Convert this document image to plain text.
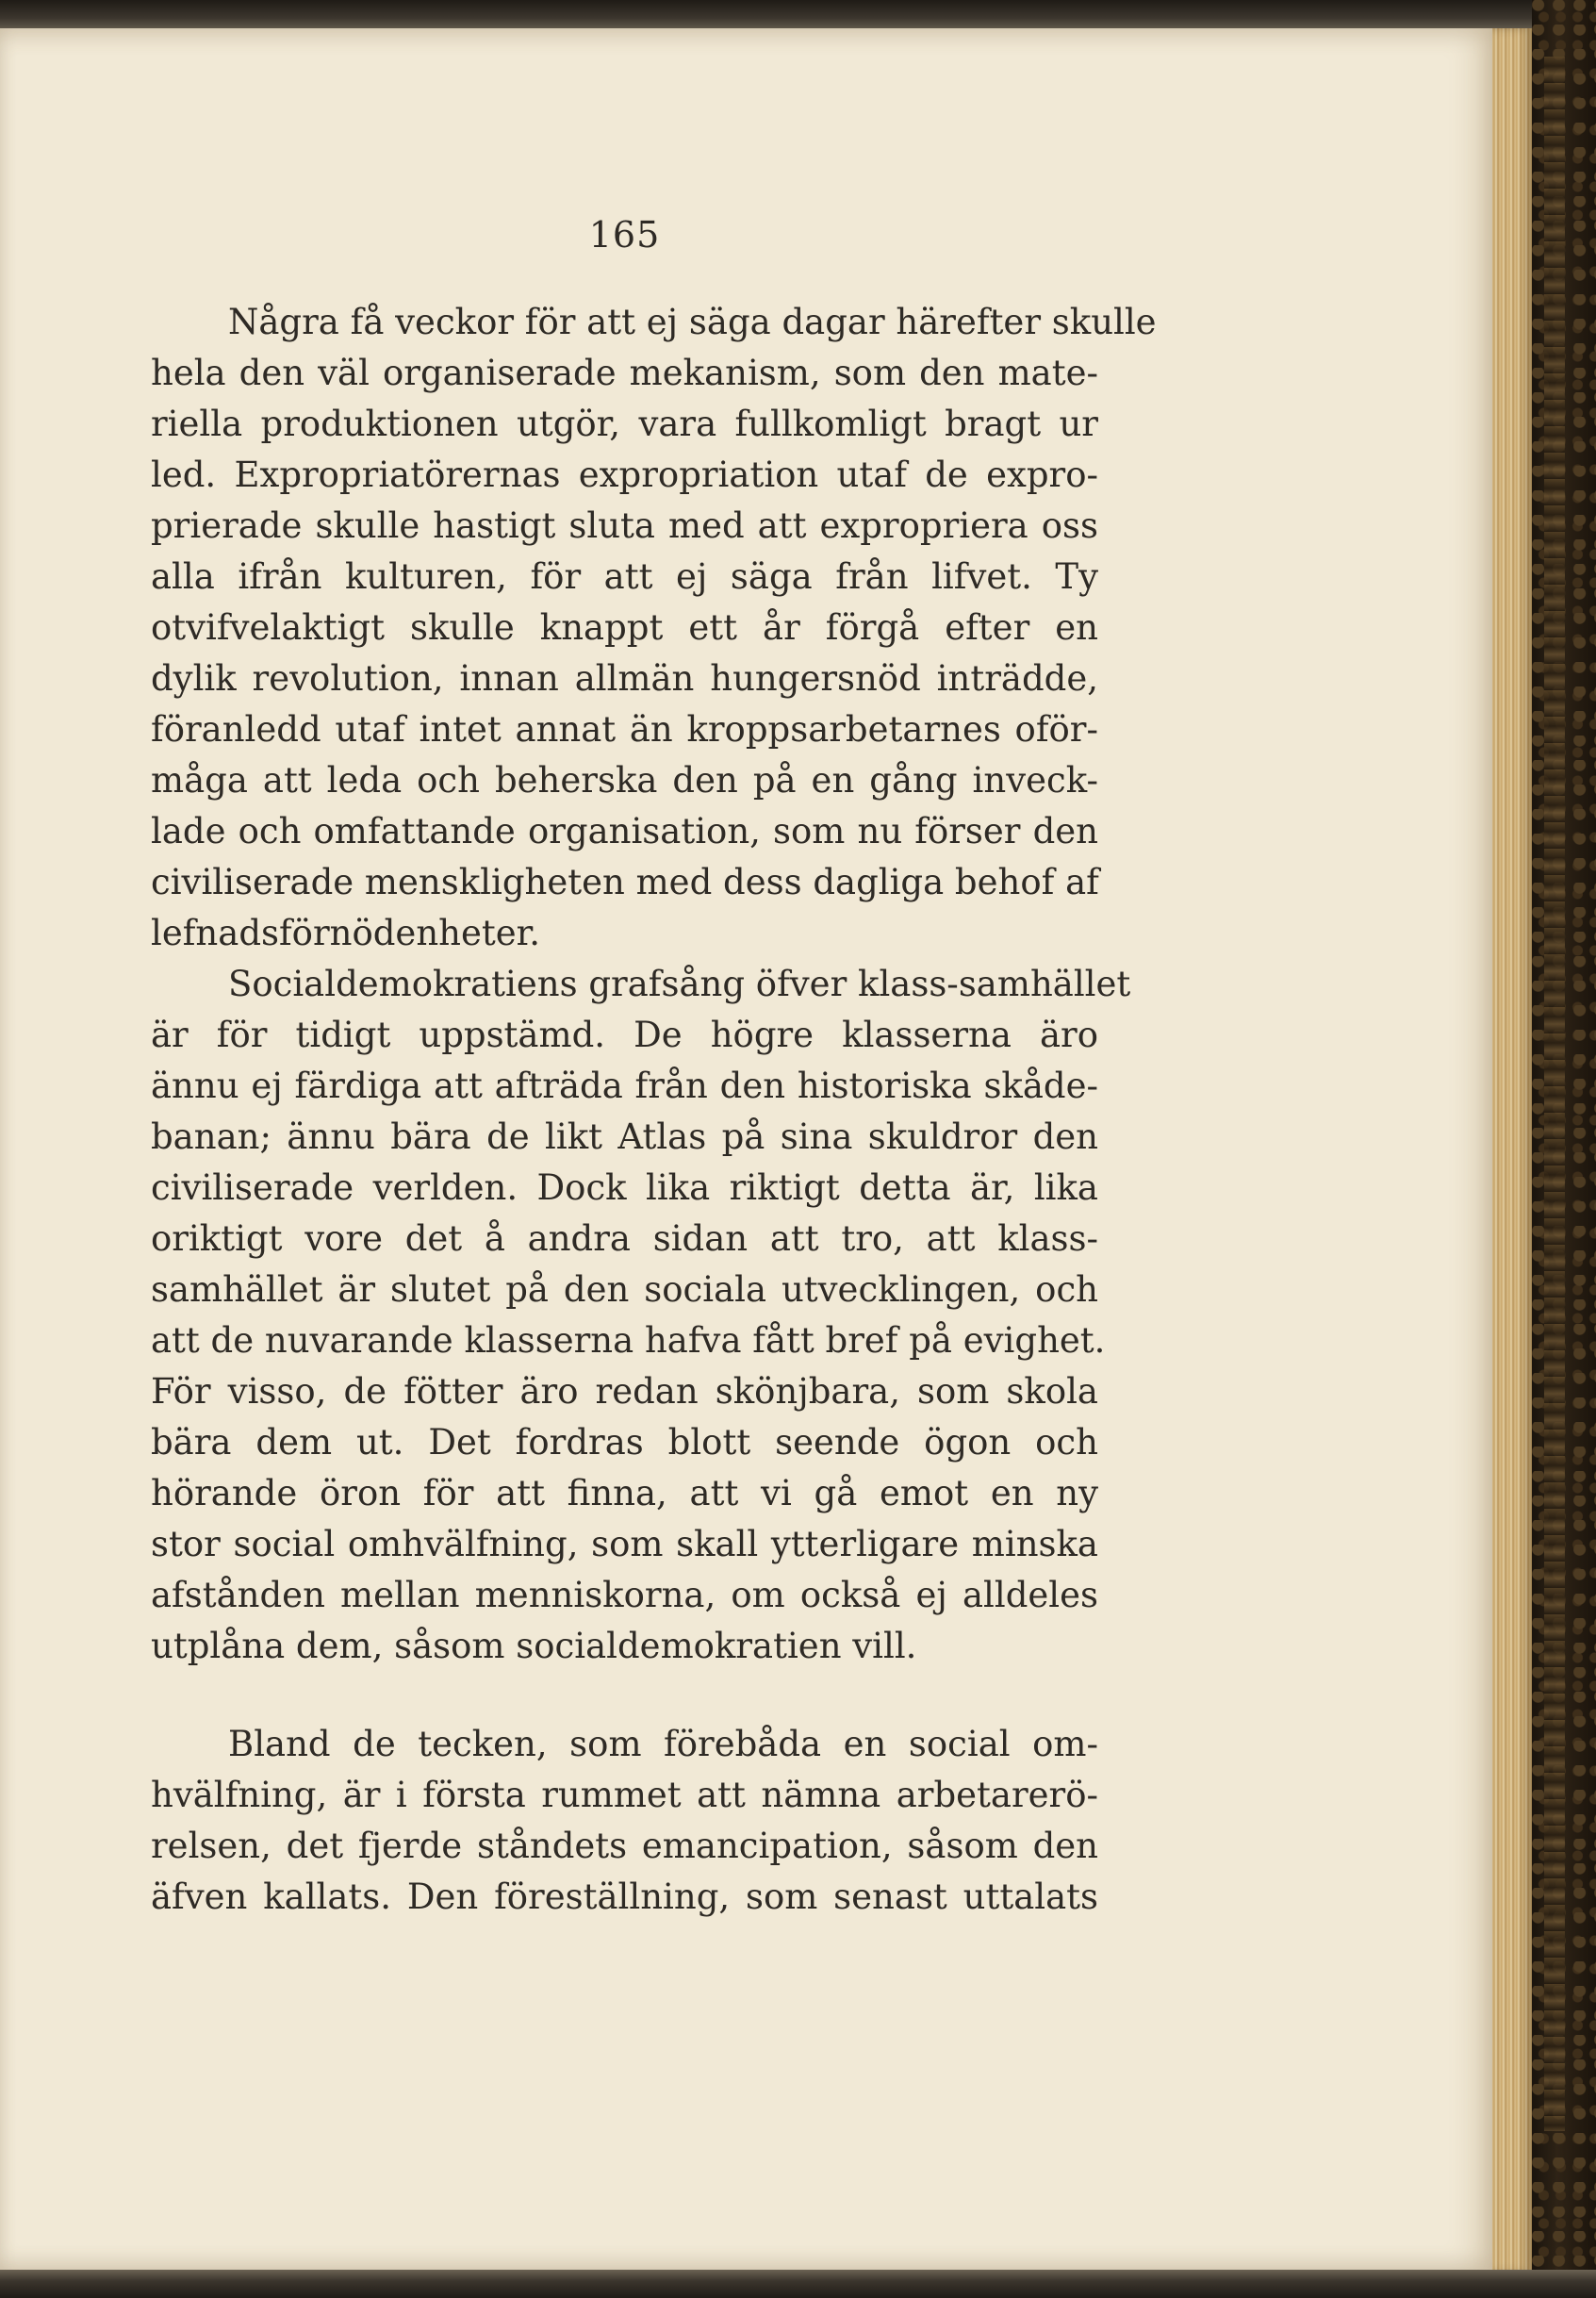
165
Några få veckor för att ej säga dagar härefter skulle
hela den väl organiserade mekanism, som den mate-
riella produktionen utgör, vara fullkomligt bragt ur
led. Expropriatörernas expropriation utaf de expro-
prierade skulle hastigt sluta med att expropriera oss
alla ifrån kulturen, för att ej säga från lifvet. Ty
otvifvelaktigt skulle knappt ett år förgå efter en
dylik revolution, innan allmän hungersnöd inträdde,
föranledd utaf intet annat än kroppsarbetarnes oför-
måga att leda och beherska den på en gång inveck-
lade och omfattande organisation, som nu förser den
civiliserade menskligheten med dess dagliga behof af
lefnadsförnödenheter.
Socialdemokratiens grafsång öfver klass-samhället
är för tidigt uppstämd. De högre klasserna äro
ännu ej färdiga att afträda från den historiska skåde-
banan; ännu bära de likt Atlas på sina skuldror den
civiliserade verlden. Dock lika riktigt detta är, lika
oriktigt vore det å andra sidan att tro, att klass-
samhället är slutet på den sociala utvecklingen, och
att de nuvarande klasserna hafva fått bref på evighet.
För visso, de fötter äro redan skönjbara, som skola
bära dem ut. Det fordras blott seende ögon och
hörande öron för att finna, att vi gå emot en ny
stor social omhvälfning, som skall ytterligare minska
afstånden mellan menniskorna, om också ej alldeles
utplåna dem, såsom socialdemokratien vill.
Bland de tecken, som förebåda en social om-
hvälfning, är i första rummet att nämna arbetarerö-
relsen, det fjerde ståndets emancipation, såsom den
äfven kallats. Den föreställning, som senast uttalats
